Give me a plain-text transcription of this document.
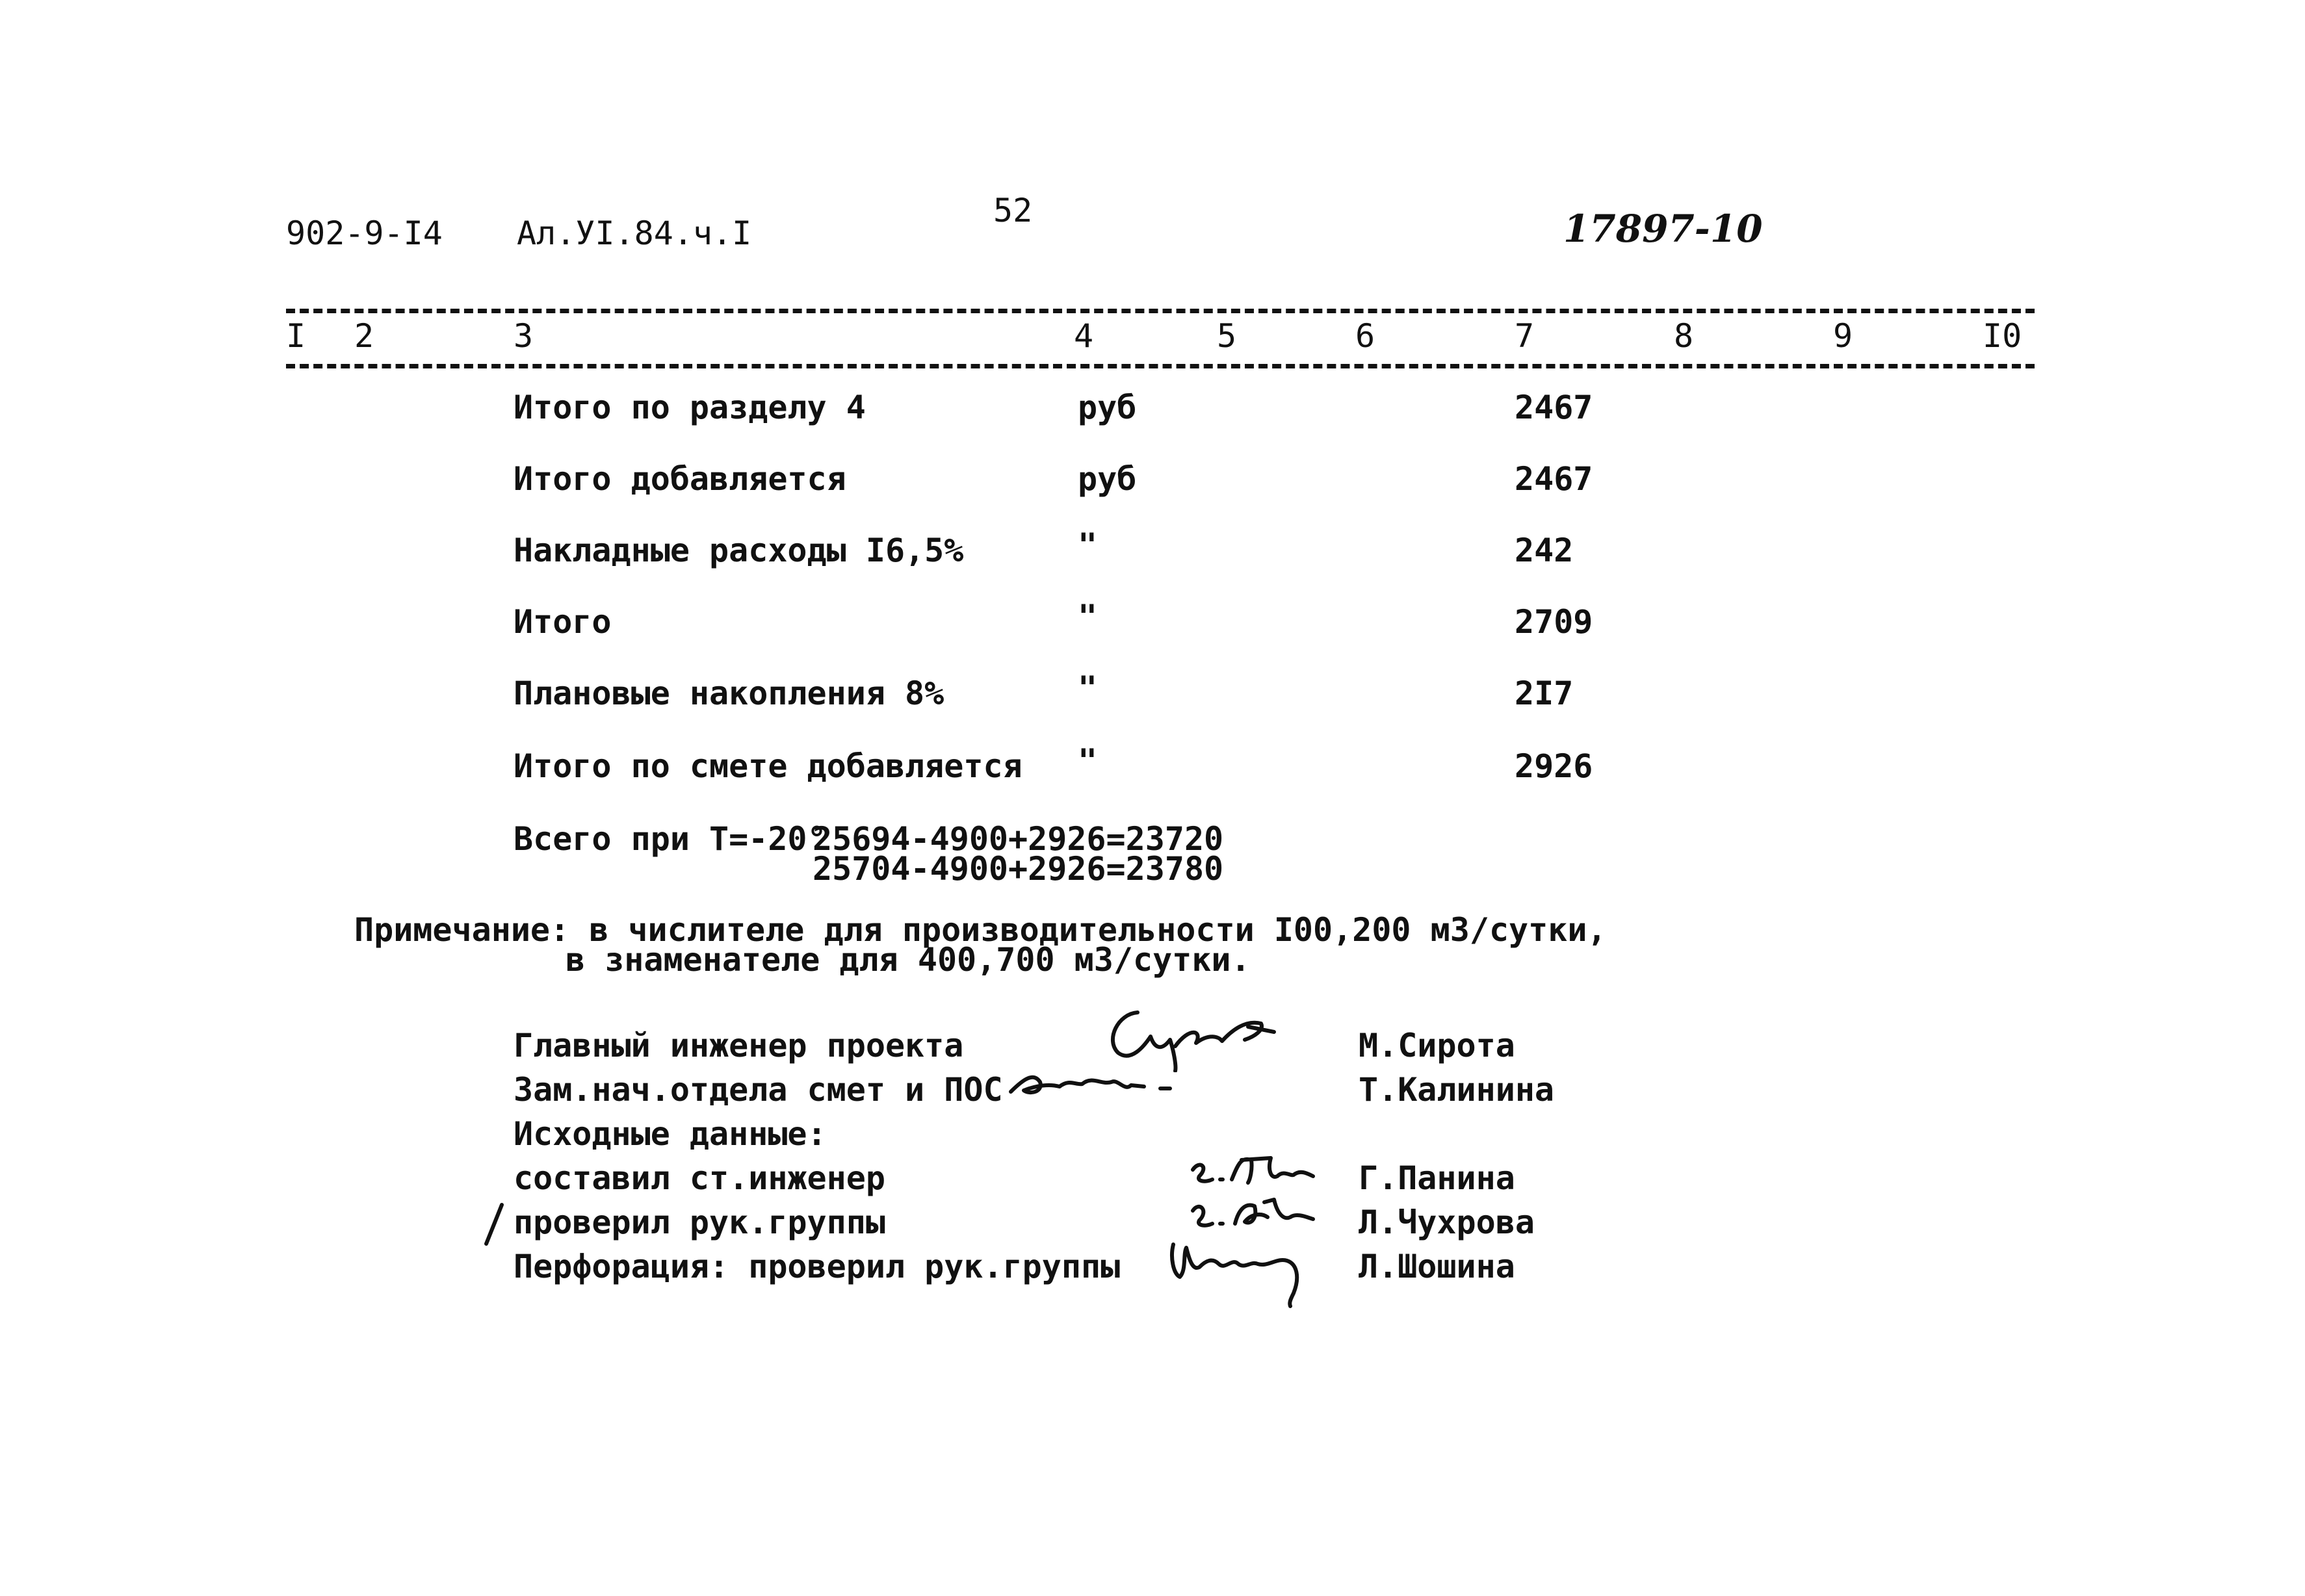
902-9-I4 Ал.УI.84.ч.I
52	17897-10
I 2	3	4	5	6	7	8	9	I0
Итого по разделу 4	руб	2467
Итого добавляется	руб	2467
Накладные расходы I6,5%	"	242
Итого	"	2709
Плановые накопления 8%	"	2I7
Итого по смете добавляется "	2926
Всего при Т=-20°
25694-4900+2926=23720
25704-4900+2926=23780
Примечание: в числителе для производительности I00,200 м3/сутки,
в знаменателе для 400,700 м3/сутки.
Главный инженер проекта	М.Сирота
Зам.нач.отдела смет и ПОС	Т.Калинина
Исходные данные:
составил ст.инженер	Г.Панина
проверил рук.группы	Л.Чухрова
Перфорация: проверил рук.группы	Л.Шошина
